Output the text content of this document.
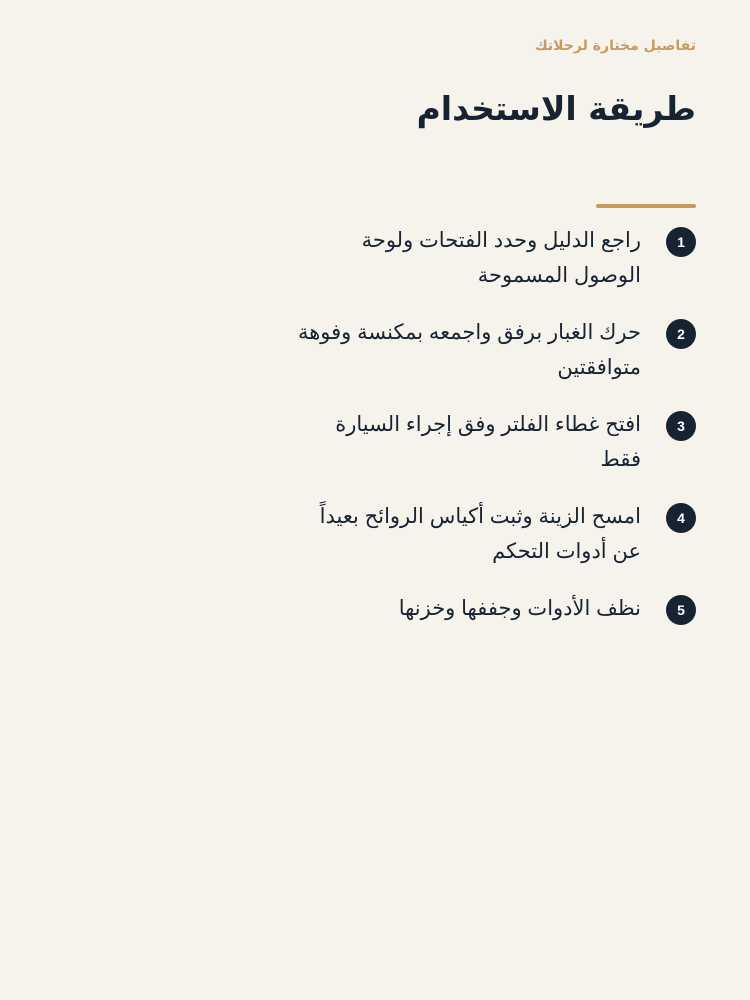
تفاصيل مختارة لرحلاتك
طريقة الاستخدام
1

راجع الدليل وحدد الفتحات ولوحة الوصول المسموحة

2

حرك الغبار برفق واجمعه بمكنسة وفوهة متوافقتين

3

افتح غطاء الفلتر وفق إجراء السيارة فقط

4

امسح الزينة وثبت أكياس الروائح بعيداً عن أدوات التحكم

5

نظف الأدوات وجففها وخزنها
